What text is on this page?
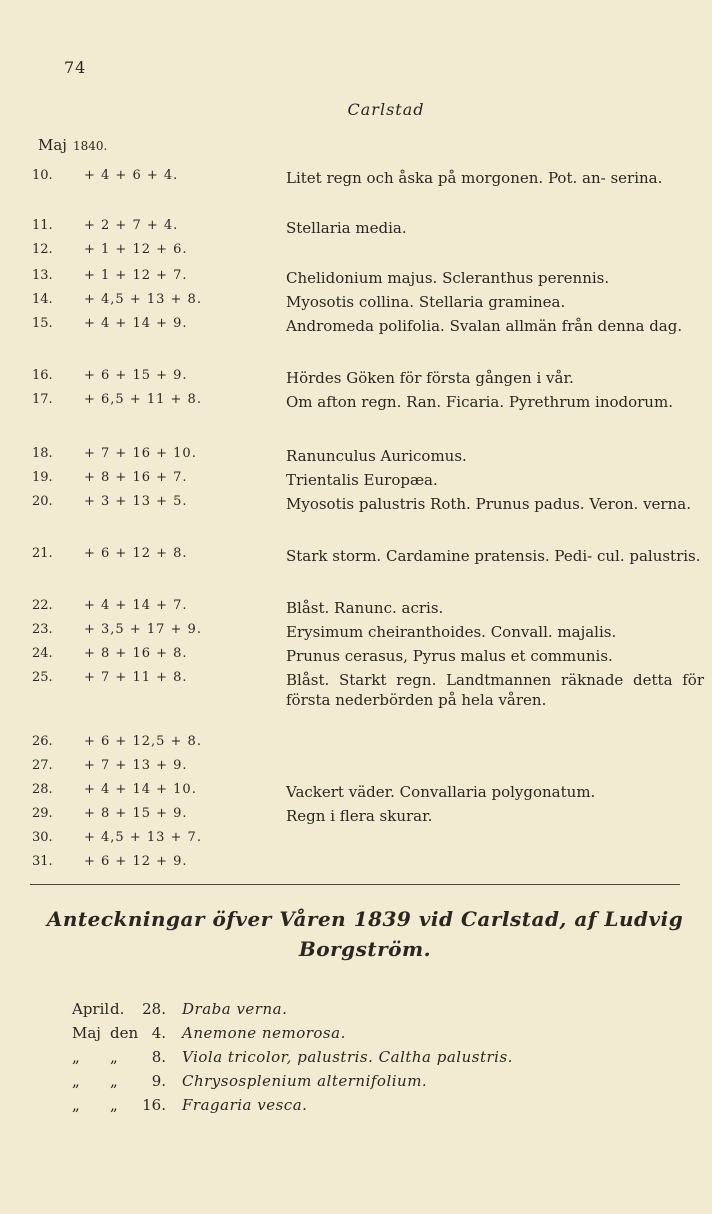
74
Carlstad
Maj 1840.
10.	+ 4 + 6 + 4.	Litet regn och åska på morgonen. Pot. an- serina.
11.	+ 2 + 7 + 4.	Stellaria media.
12.	+ 1 + 12 + 6.
13.	+ 1 + 12 + 7.	Chelidonium majus. Scleranthus perennis.
14.	+ 4,5 + 13 + 8.	Myosotis collina. Stellaria graminea.
15.	+ 4 + 14 + 9.	Andromeda polifolia. Svalan allmän från denna dag.
16.	+ 6 + 15 + 9.	Hördes Göken för första gången i vår.
17.	+ 6,5 + 11 + 8.	Om afton regn. Ran. Ficaria. Pyrethrum inodorum.
18.	+ 7 + 16 + 10.	Ranunculus Auricomus.
19.	+ 8 + 16 + 7.	Trientalis Europæa.
20.	+ 3 + 13 + 5.	Myosotis palustris Roth. Prunus padus. Veron. verna.
21.	+ 6 + 12 + 8.	Stark storm. Cardamine pratensis. Pedi- cul. palustris.
22.	+ 4 + 14 + 7.	Blåst. Ranunc. acris.
23.	+ 3,5 + 17 + 9.	Erysimum cheiranthoides. Convall. majalis.
24.	+ 8 + 16 + 8.	Prunus cerasus, Pyrus malus et communis.
25.	+ 7 + 11 + 8.	Blåst. Starkt regn. Landtmannen räknade detta för första nederbörden på hela våren.
26.	+ 6 + 12,5 + 8.
27.	+ 7 + 13 + 9.
28.	+ 4 + 14 + 10.	Vackert väder. Convallaria polygonatum.
29.	+ 8 + 15 + 9.	Regn i flera skurar.
30.	+ 4,5 + 13 + 7.
31.	+ 6 + 12 + 9.
Anteckningar öfver Våren 1839 vid Carlstad, af Ludvig
Borgström.
April d.	28. Draba verna.
Maj den 4. Anemone nemorosa.
„	„	8. Viola tricolor, palustris. Caltha palustris.
„	„	9. Chrysosplenium alternifolium.
„	„	16. Fragaria vesca.
